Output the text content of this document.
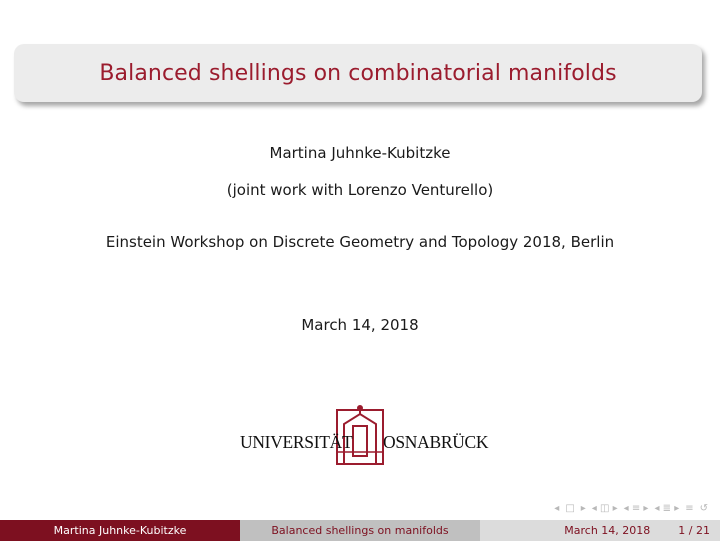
Balanced shellings on combinatorial manifolds
Martina Juhnke-Kubitzke
(joint work with Lorenzo Venturello)
Einstein Workshop on Discrete Geometry and Topology 2018, Berlin
March 14, 2018
UNIVERSITÄT OSNABRÜCK
◂ □ ▸ ◂ ◫ ▸ ◂ ≡ ▸ ◂ ≣ ▸ ≡ ↺
Martina Juhnke-Kubitzke	Balanced shellings on manifolds	March 14, 2018	1 / 21
